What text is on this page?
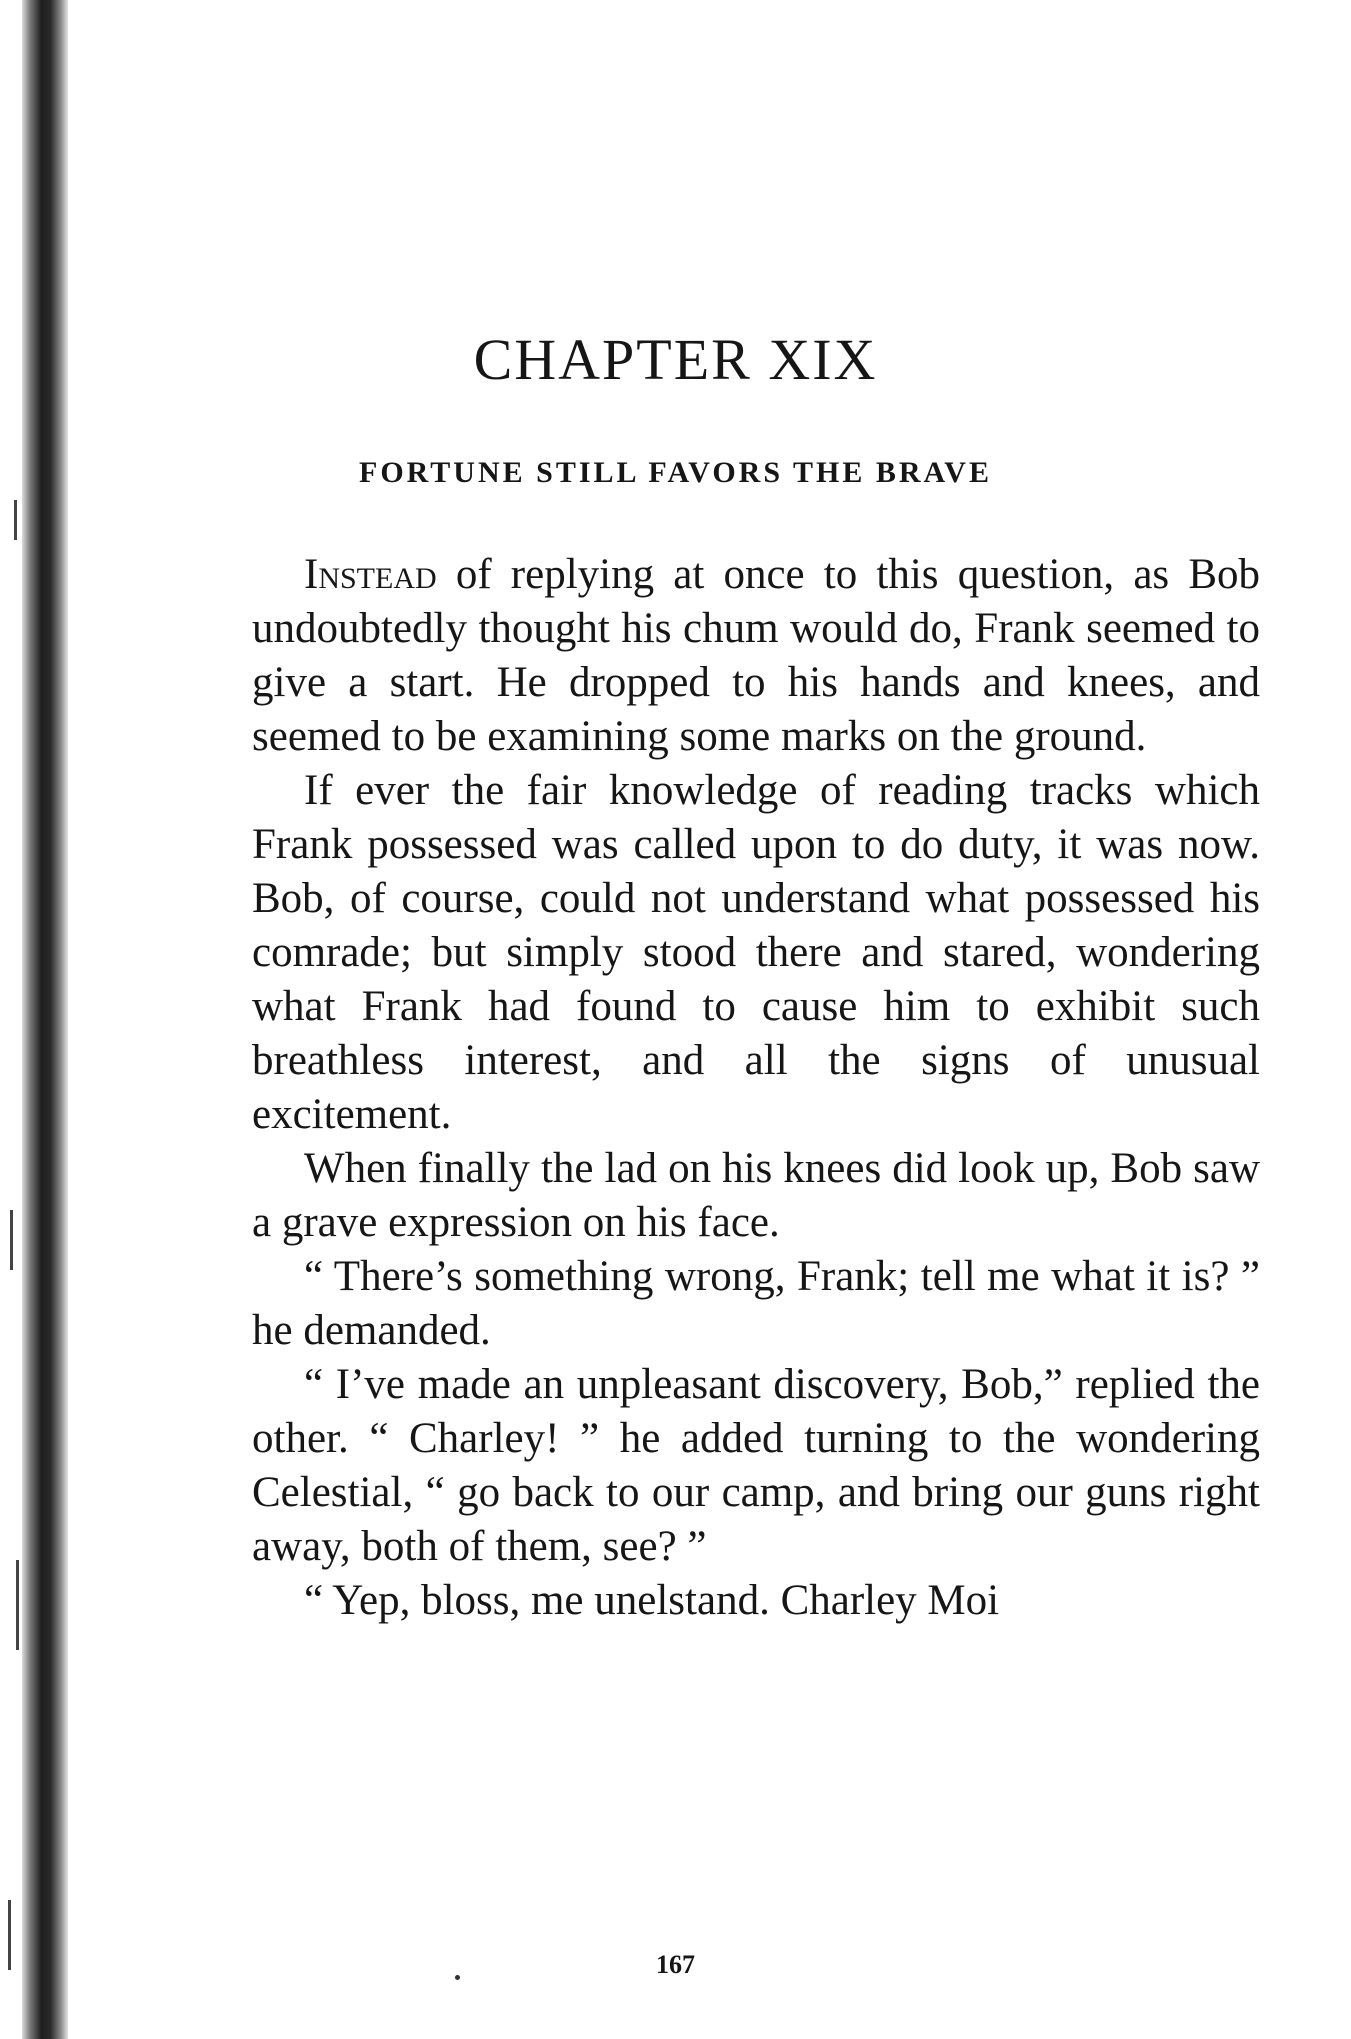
CHAPTER XIX
FORTUNE STILL FAVORS THE BRAVE

Instead of replying at once to this question, as Bob undoubtedly thought his chum would do, Frank seemed to give a start. He dropped to his hands and knees, and seemed to be examining some marks on the ground.

If ever the fair knowledge of reading tracks which Frank possessed was called upon to do duty, it was now. Bob, of course, could not understand what possessed his comrade; but simply stood there and stared, wondering what Frank had found to cause him to exhibit such breathless interest, and all the signs of unusual excitement.

When finally the lad on his knees did look up, Bob saw a grave expression on his face.

“ There’s something wrong, Frank; tell me what it is? ” he demanded.

“ I’ve made an unpleasant discovery, Bob,” replied the other. “ Charley! ” he added turning to the wondering Celestial, “ go back to our camp, and bring our guns right away, both of them, see? ”

“ Yep, bloss, me unelstand. Charley Moi

167
